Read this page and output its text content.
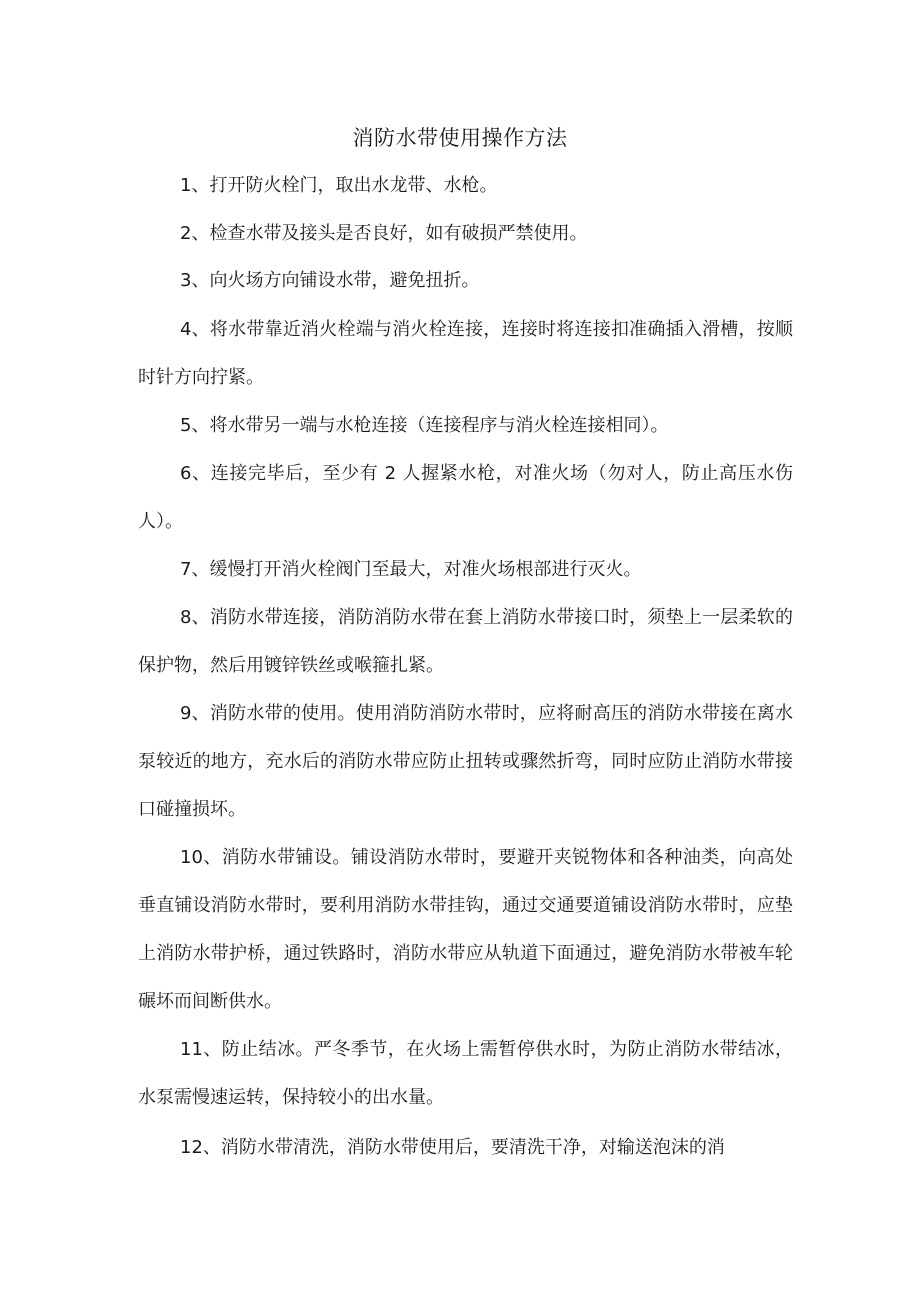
消防水带使用操作方法

1、打开防火栓门，取出水龙带、水枪。

2、检查水带及接头是否良好，如有破损严禁使用。

3、向火场方向铺设水带，避免扭折。

4、将水带靠近消火栓端与消火栓连接，连接时将连接扣准确插入滑槽，按顺时针方向拧紧。

5、将水带另一端与水枪连接（连接程序与消火栓连接相同）。

6、连接完毕后，至少有 2 人握紧水枪，对准火场（勿对人，防止高压水伤人）。

7、缓慢打开消火栓阀门至最大，对准火场根部进行灭火。

8、消防水带连接，消防消防水带在套上消防水带接口时，须垫上一层柔软的保护物，然后用镀锌铁丝或喉箍扎紧。

9、消防水带的使用。使用消防消防水带时，应将耐高压的消防水带接在离水泵较近的地方，充水后的消防水带应防止扭转或骤然折弯，同时应防止消防水带接口碰撞损坏。

10、消防水带铺设。铺设消防水带时，要避开夹锐物体和各种油类，向高处垂直铺设消防水带时，要利用消防水带挂钩，通过交通要道铺设消防水带时，应垫上消防水带护桥，通过铁路时，消防水带应从轨道下面通过，避免消防水带被车轮碾坏而间断供水。

11、防止结冰。严冬季节，在火场上需暂停供水时，为防止消防水带结冰，水泵需慢速运转，保持较小的出水量。

12、消防水带清洗，消防水带使用后，要清洗干净，对输送泡沫的消
